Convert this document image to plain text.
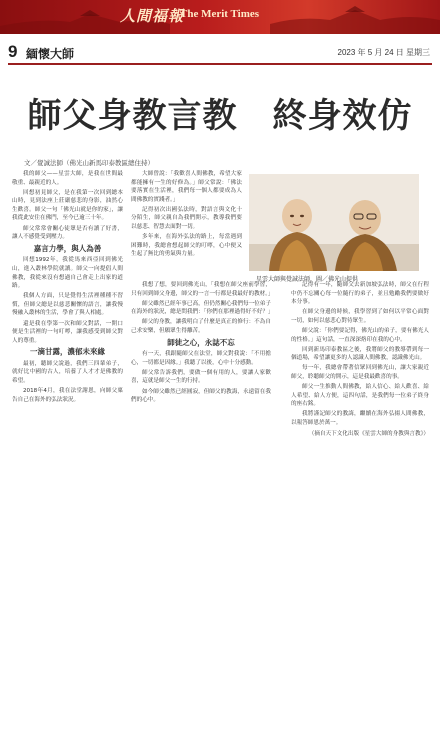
人間福報
The Merit Times
9 緬懷大師	2023 年 5 月 24 日 星期三
師父身教言教　終身效仿
文／覺誠法師（佛光山新馬印泰教區總住持）
星雲大師與覺誠法師，圖／佛光山提供

我的師父——星雲大師，是我在世間最敬重、最親近的人。

回想初見師父，是在我第一次回到總本山時，見到法座上莊嚴慈悲的身影，油然心生歡喜。師父一句「佛光山就是你的家」，讓我從此安住在佛門，至今已逾三十年。

師父常常會關心徒眾是否有讀了好書，讓人不感覺受到壓力。

嘉言力學，與人為善

回想1992年，我從馬來西亞回到佛光山，進入叢林學院就讀。師父一向提倡人間佛教，我從來沒有想過自己會走上出家的道路。

我個人方面，只是覺得生活裡種種不習慣，但師父總是以慈悲關懷的語言，讓我慢慢融入叢林的生活，學會了與人相處。

還是我在學第一次和師父對話，一開口便是生活裡的一句叮嚀，讓我感受到師父對人的尊重。

一滴甘露，濃郁未來緣

最初，聽師父說過，我們三四輩弟子，就好比中國的古人，培養了人才才是佛教的希望。

2018年4月，我在法堂謝恩，向師父稟告自己在海外的弘法狀況。

大師曾說：「我歡喜人間佛教，希望大家都能擁有一生的好修為。」師父常說：「佛法要落實在生活裡，我們每一個人都要成為人間佛教的實踐者。」

記得初次出國弘法時，對語言與文化十分陌生，師父親自為我們開示，教導我們要以慈悲、智慧去面對一切。

多年來，在海外弘法的路上，每當遇到困難時，我總會想起師父的叮嚀，心中便又生起了無比的勇氣與力量。

我想了想，要回到佛光山，「我想在師父座前學習，只有回到師父身邊，師父的一言一行都是我最好的教材。」

師父雖然已經年事已高，但仍然關心我們每一位弟子在海外的狀況，總是問我們：「你們在那裡過得好不好？」

師父的身教，讓我明白了什麼是真正的修行：不為自己求安樂，但願眾生得離苦。

師徒之心，永誌不忘

有一天，我跟隨師父在法堂，師父對我說：「不用擔心，一切都是因緣。」我聽了以後，心中十分感動。

師父常告訴我們，要做一個有用的人，要讓人家歡喜，這就是師父一生的行持。

如今師父雖然已經圓寂，但師父的教誨，永遠留在我們的心中。

記得有一年，隨師父去新加坡弘法時，師父在行程中仍不忘關心每一位隨行的弟子，並且勉勵我們要做好本分事。

在師父身邊的時候，我學習到了如何以平常心面對一切，如何以慈悲心對待眾生。

師父說：「你們要記得，佛光山的弟子，要有佛光人的性格。」這句話，一直深深烙印在我的心中。

回到新馬印泰教區之後，我將師父的教導帶到每一個道場，希望讓更多的人認識人間佛教，認識佛光山。

每一年，我總會帶著信眾回到佛光山，讓大家親近師父，聆聽師父的開示，這是我最歡喜的事。

師父一生推動人間佛教，給人信心、給人歡喜、給人希望、給人方便，這四句話，是我們每一位弟子終身的座右銘。

我將謹記師父的教誨，繼續在海外弘揚人間佛教，以報答師恩於萬一。

（摘自天下文化出版《星雲大師的身教與言教》）
